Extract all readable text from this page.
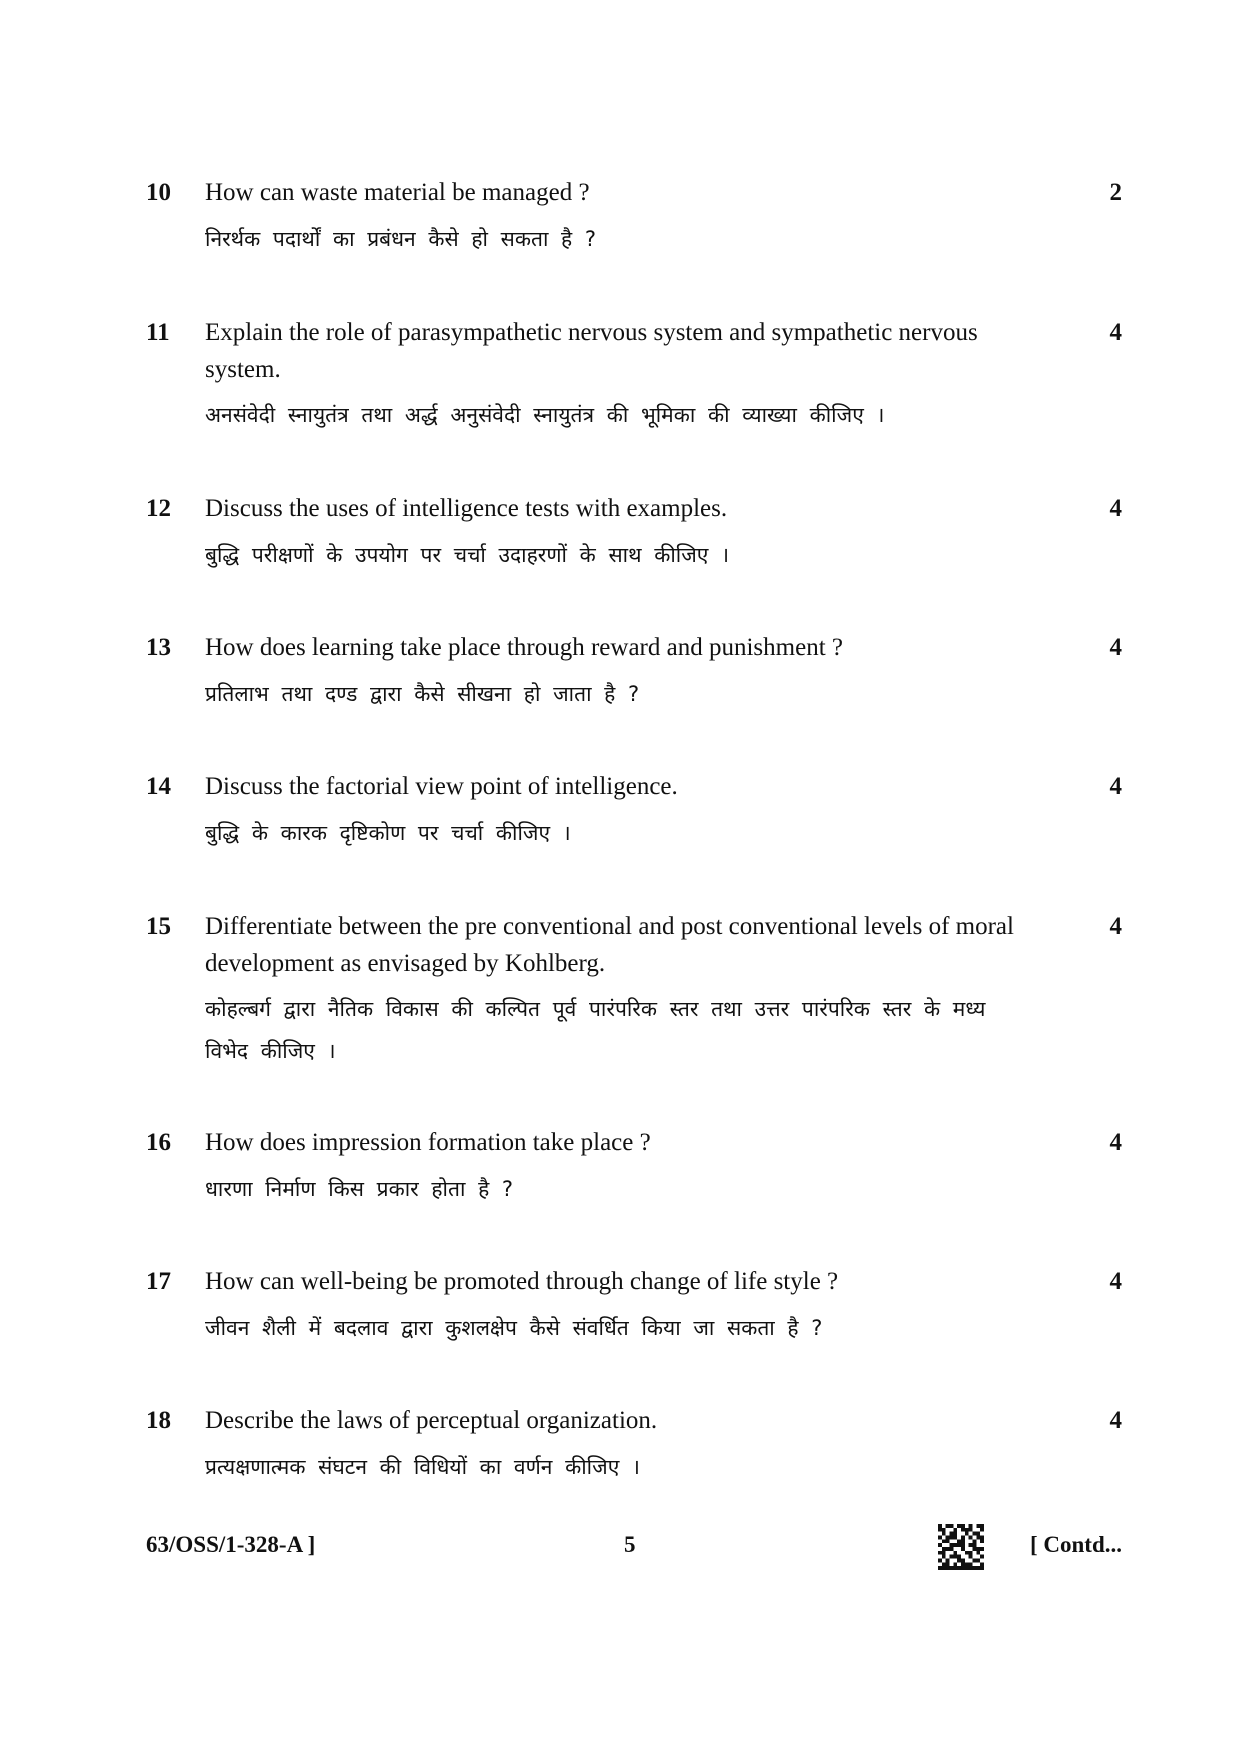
10 How can waste material be managed ?	2
निरर्थक पदार्थों का प्रबंधन कैसे हो सकता है ?
11 Explain the role of parasympathetic nervous system and sympathetic nervous system.
4
अनसंवेदी स्नायुतंत्र तथा अर्द्ध अनुसंवेदी स्नायुतंत्र की भूमिका की व्याख्या कीजिए ।
12 Discuss the uses of intelligence tests with examples.	4
बुद्धि परीक्षणों के उपयोग पर चर्चा उदाहरणों के साथ कीजिए ।
13 How does learning take place through reward and punishment ?	4
प्रतिलाभ तथा दण्ड द्वारा कैसे सीखना हो जाता है ?
14 Discuss the factorial view point of intelligence.	4
बुद्धि के कारक दृष्टिकोण पर चर्चा कीजिए ।
15 Differentiate between the pre conventional and post conventional levels of moral development as envisaged by Kohlberg.
4
कोहल्बर्ग द्वारा नैतिक विकास की कल्पित पूर्व पारंपरिक स्तर तथा उत्तर पारंपरिक स्तर के मध्य विभेद कीजिए ।
16 How does impression formation take place ?	4
धारणा निर्माण किस प्रकार होता है ?
17 How can well-being be promoted through change of life style ?	4
जीवन शैली में बदलाव द्वारा कुशलक्षेप कैसे संवर्धित किया जा सकता है ?
18 Describe the laws of perceptual organization.	4
प्रत्यक्षणात्मक संघटन की विधियों का वर्णन कीजिए ।
63/OSS/1-328-A ]	5	[ Contd...
